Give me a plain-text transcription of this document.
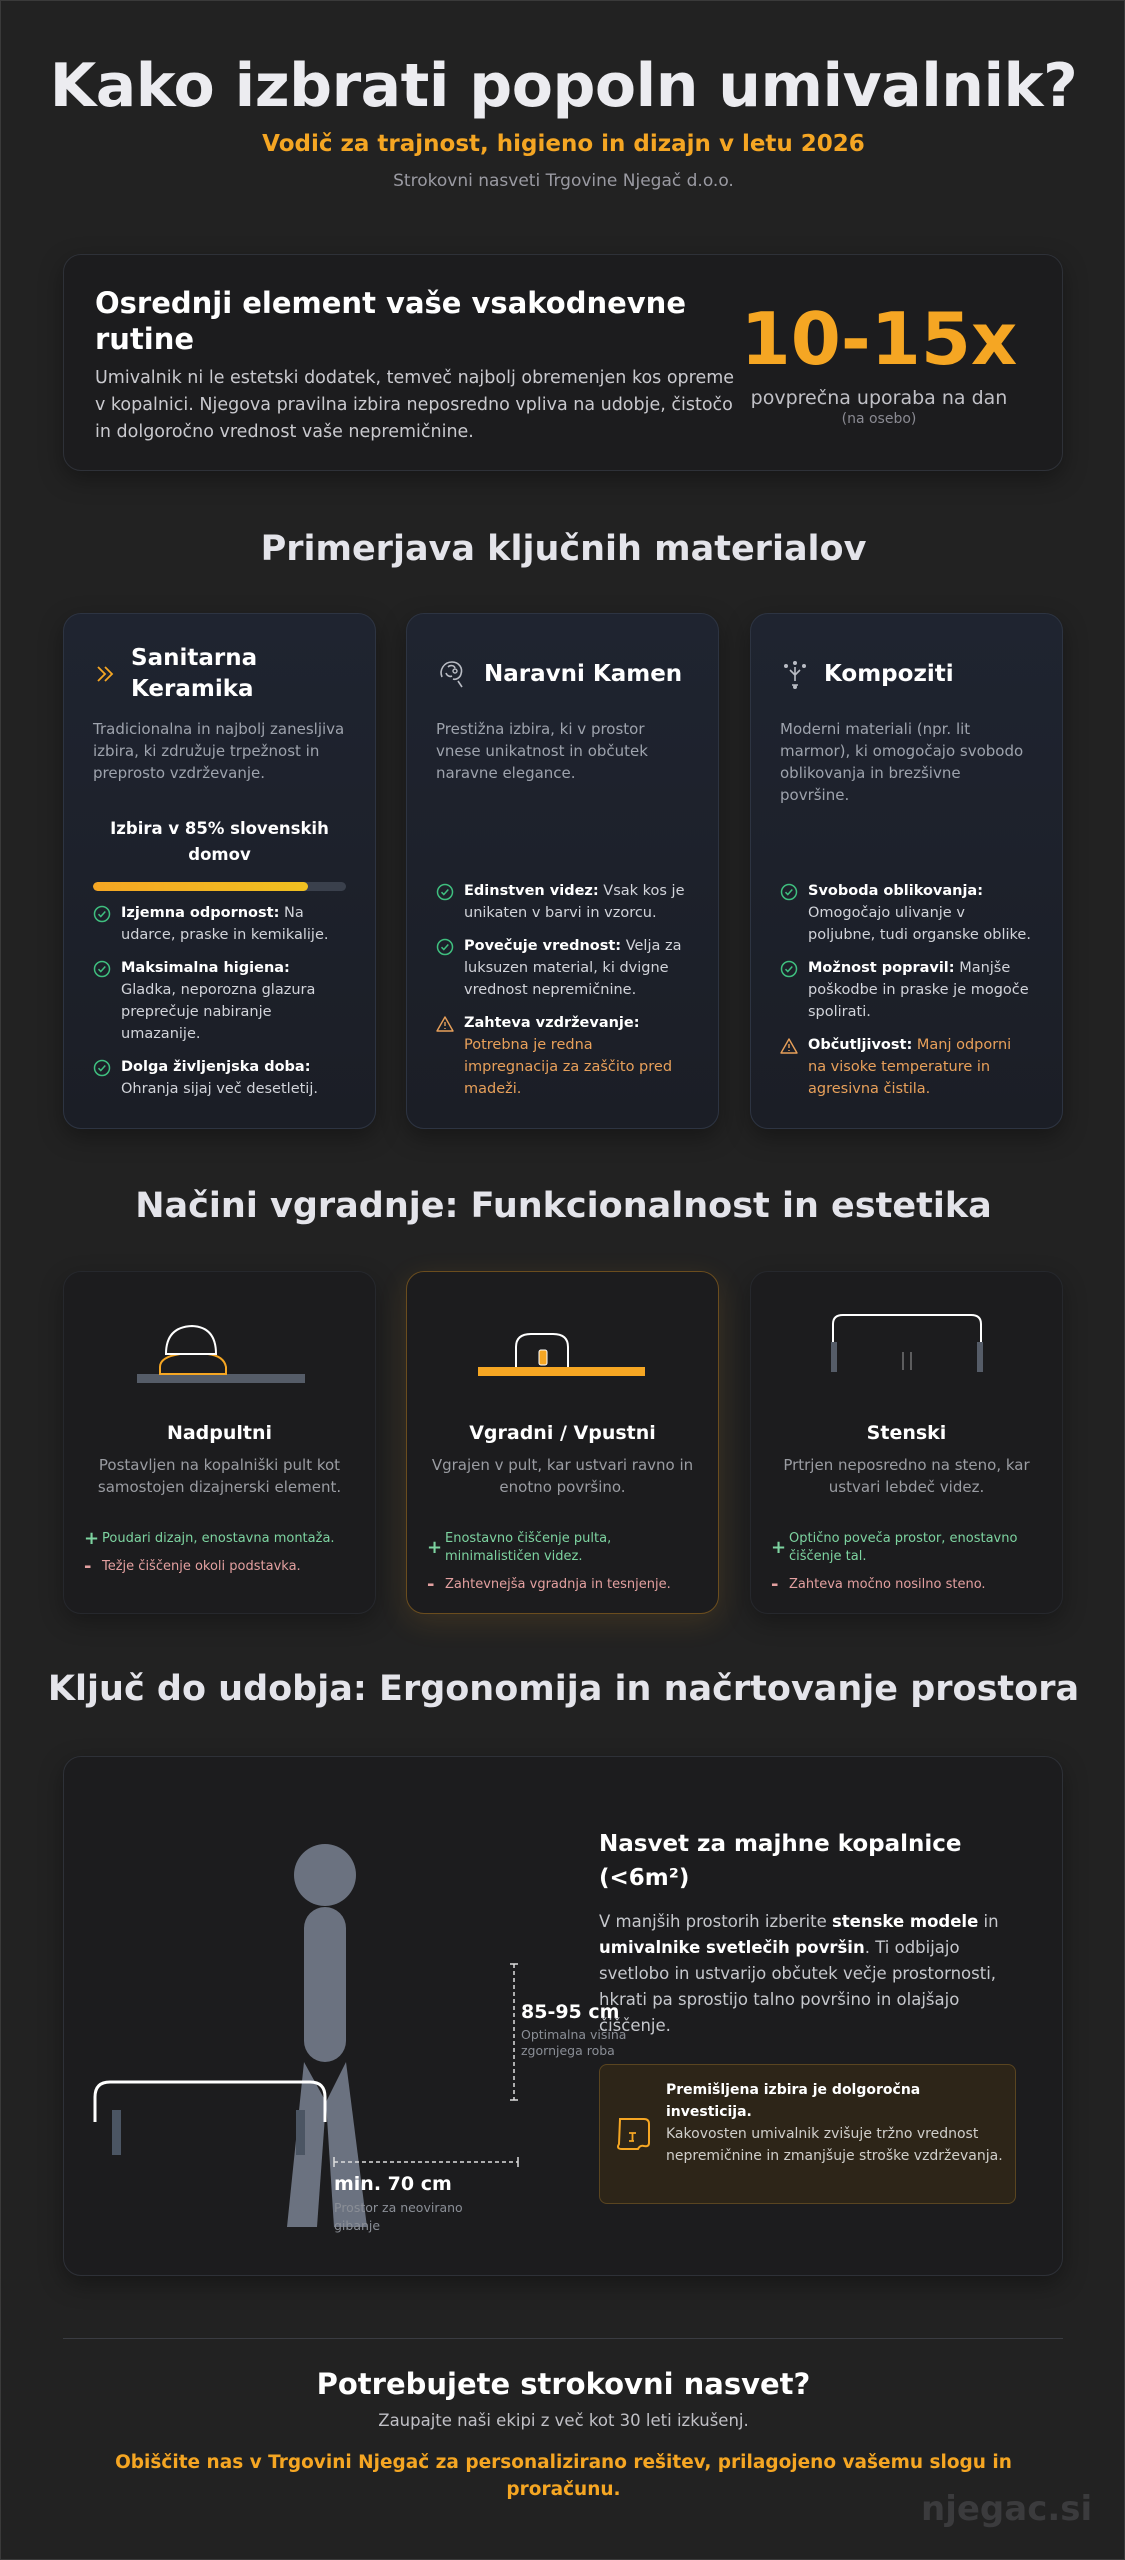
Kako izbrati popoln umivalnik?
Vodič za trajnost, higieno in dizajn v letu 2026
Strokovni nasveti Trgovine Njegač d.o.o.
Osrednji element vaše vsakodnevne rutine

Umivalnik ni le estetski dodatek, temveč najbolj obremenjen kos opreme v kopalnici. Njegova pravilna izbira neposredno vpliva na udobje, čistočo in dolgoročno vrednost vaše nepremičnine.

10-15x
povprečna uporaba na dan
(na osebo)
Primerjava ključnih materialov
Sanitarna Keramika
Tradicionalna in najbolj zanesljiva izbira, ki združuje trpežnost in preprosto vzdrževanje.
Izbira v 85% slovenskih domov
Izjemna odpornost: Na udarce, praske in kemikalije.
Maksimalna higiena: Gladka, neporozna glazura preprečuje nabiranje umazanije.
Dolga življenjska doba: Ohranja sijaj več desetletij.
Naravni Kamen
Prestižna izbira, ki v prostor vnese unikatnost in občutek naravne elegance.
Edinstven videz: Vsak kos je unikaten v barvi in vzorcu.
Povečuje vrednost: Velja za luksuzen material, ki dvigne vrednost nepremičnine.
Zahteva vzdrževanje: Potrebna je redna impregnacija za zaščito pred madeži.
Kompoziti
Moderni materiali (npr. lit marmor), ki omogočajo svobodo oblikovanja in brezšivne površine.
Svoboda oblikovanja: Omogočajo ulivanje v poljubne, tudi organske oblike.
Možnost popravil: Manjše poškodbe in praske je mogoče spolirati.
Občutljivost: Manj odporni na visoke temperature in agresivna čistila.
Načini vgradnje: Funkcionalnost in estetika
Nadpultni
Postavljen na kopalniški pult kot samostojen dizajnerski element.
+ Poudari dizajn, enostavna montaža.
- Težje čiščenje okoli podstavka.
Vgradni / Vpustni
Vgrajen v pult, kar ustvari ravno in enotno površino.
+ Enostavno čiščenje pulta, minimalističen videz.
- Zahtevnejša vgradnja in tesnjenje.
Stenski
Prtrjen neposredno na steno, kar ustvari lebdeč videz.
+ Optično poveča prostor, enostavno čiščenje tal.
- Zahteva močno nosilno steno.
Ključ do udobja: Ergonomija in načrtovanje prostora
85-95 cm
Optimalna višina zgornjega roba
min. 70 cm
Prostor za neovirano gibanje
Nasvet za majhne kopalnice (<6m²)

V manjših prostorih izberite stenske modele in umivalnike svetlečih površin. Ti odbijajo svetlobo in ustvarijo občutek večje prostornosti, hkrati pa sprostijo talno površino in olajšajo čiščenje.

Premišljena izbira je dolgoročna investicija.
Kakovosten umivalnik zvišuje tržno vrednost nepremičnine in zmanjšuje stroške vzdrževanja.
Potrebujete strokovni nasvet?
Zaupajte naši ekipi z več kot 30 leti izkušenj.
Obiščite nas v Trgovini Njegač za personalizirano rešitev, prilagojeno vašemu slogu in proračunu.	njegac.si
